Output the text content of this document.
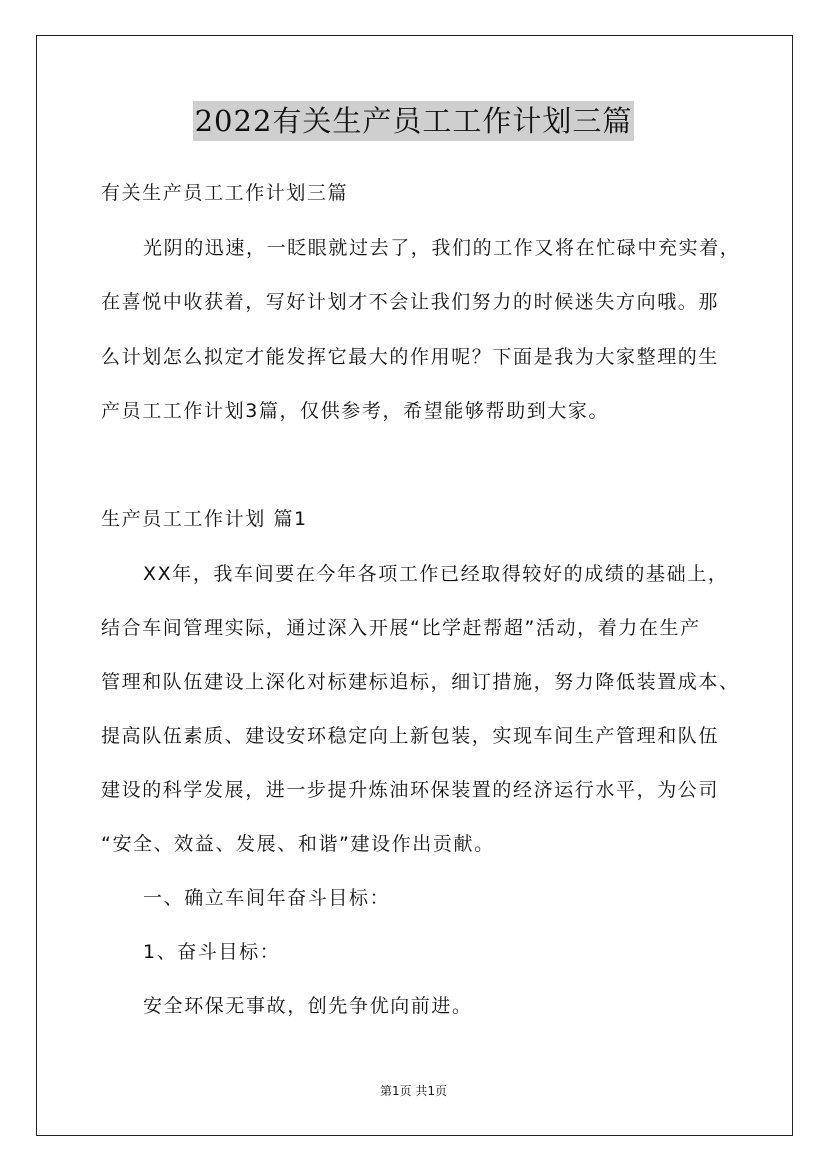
2022有关生产员工工作计划三篇
有关生产员工工作计划三篇
光阴的迅速，一眨眼就过去了，我们的工作又将在忙碌中充实着，
在喜悦中收获着，写好计划才不会让我们努力的时候迷失方向哦。那
么计划怎么拟定才能发挥它最大的作用呢？下面是我为大家整理的生
产员工工作计划3篇，仅供参考，希望能够帮助到大家。
生产员工工作计划 篇1
XX年，我车间要在今年各项工作已经取得较好的成绩的基础上，
结合车间管理实际，通过深入开展“比学赶帮超”活动，着力在生产
管理和队伍建设上深化对标建标追标，细订措施，努力降低装置成本、
提高队伍素质、建设安环稳定向上新包装，实现车间生产管理和队伍
建设的科学发展，进一步提升炼油环保装置的经济运行水平，为公司
“安全、效益、发展、和谐”建设作出贡献。
一、确立车间年奋斗目标：
1、奋斗目标：
安全环保无事故，创先争优向前进。
第1页 共1页
